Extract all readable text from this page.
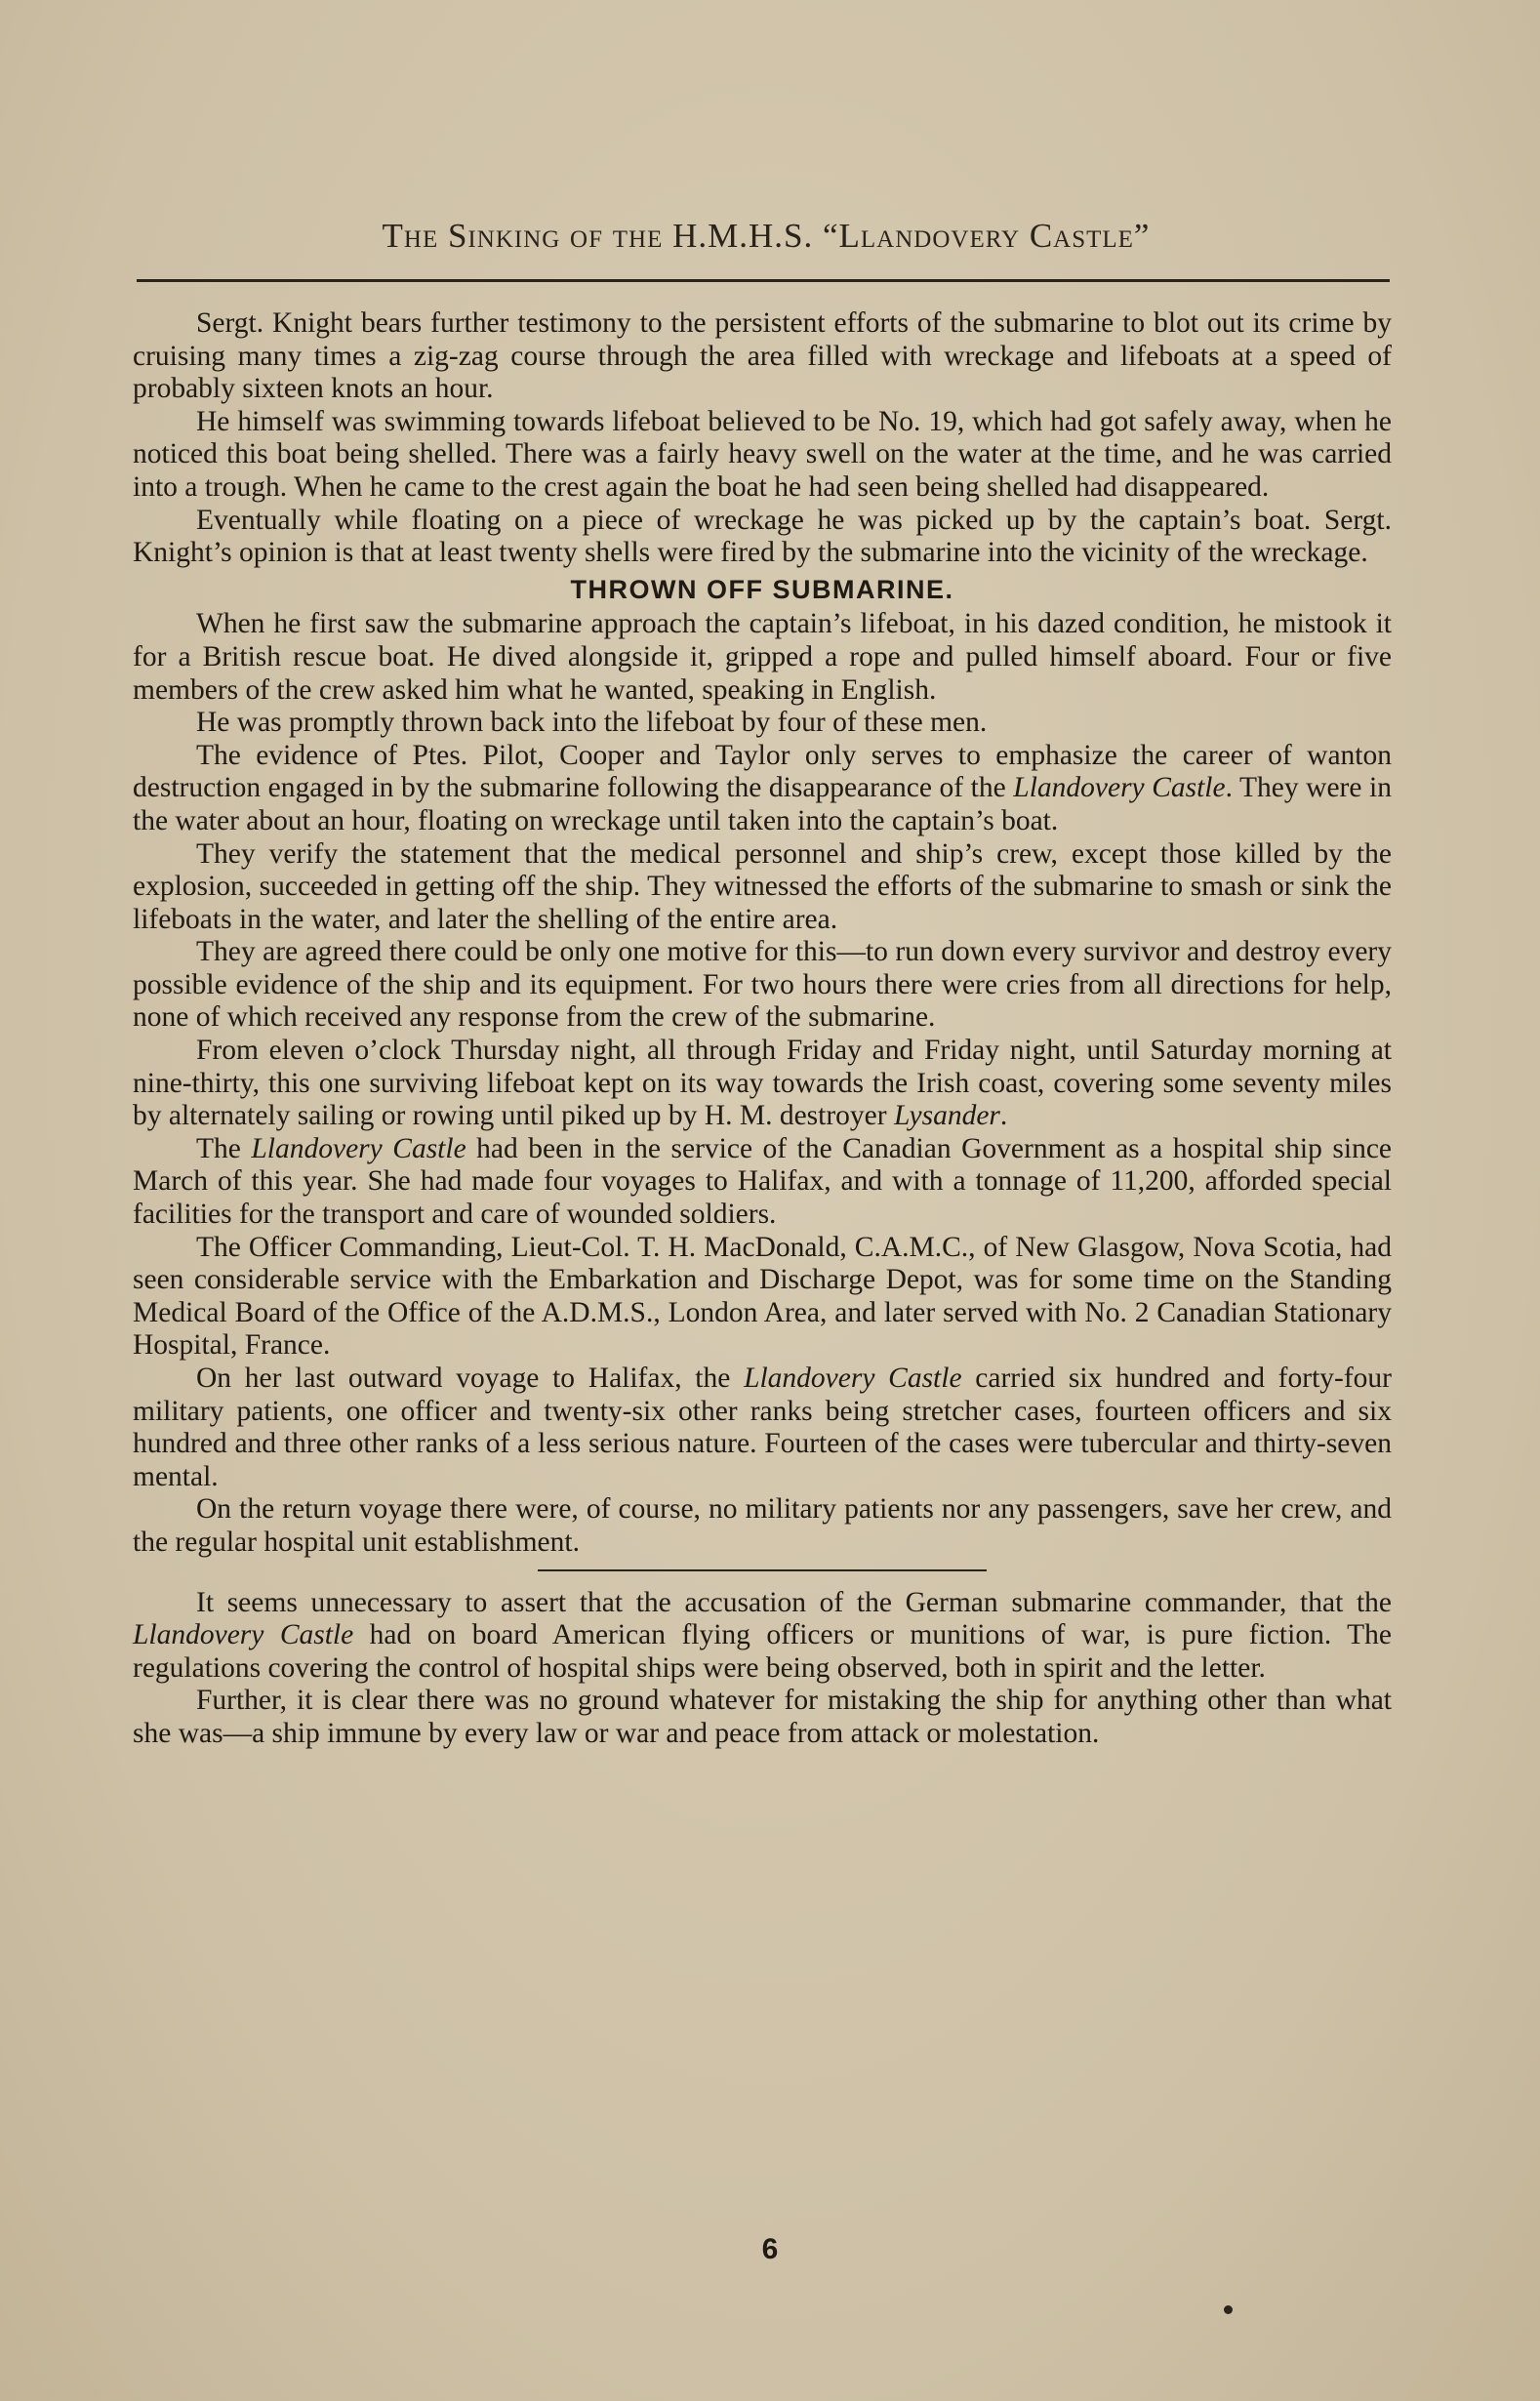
The Sinking of the H.M.H.S. “Llandovery Castle”

Sergt. Knight bears further testimony to the persistent efforts of the submarine to blot out its crime by cruising many times a zig-zag course through the area filled with wreckage and lifeboats at a speed of probably sixteen knots an hour.

He himself was swimming towards lifeboat believed to be No. 19, which had got safely away, when he noticed this boat being shelled. There was a fairly heavy swell on the water at the time, and he was carried into a trough. When he came to the crest again the boat he had seen being shelled had disappeared.

Eventually while floating on a piece of wreckage he was picked up by the captain’s boat. Sergt. Knight’s opinion is that at least twenty shells were fired by the submarine into the vicinity of the wreckage.

THROWN OFF SUBMARINE.

When he first saw the submarine approach the captain’s lifeboat, in his dazed condition, he mistook it for a British rescue boat. He dived alongside it, gripped a rope and pulled himself aboard. Four or five members of the crew asked him what he wanted, speaking in English.

He was promptly thrown back into the lifeboat by four of these men.

The evidence of Ptes. Pilot, Cooper and Taylor only serves to emphasize the career of wanton destruction engaged in by the submarine following the disappearance of the Llandovery Castle. They were in the water about an hour, floating on wreckage until taken into the captain’s boat.

They verify the statement that the medical personnel and ship’s crew, except those killed by the explosion, succeeded in getting off the ship. They witnessed the efforts of the submarine to smash or sink the lifeboats in the water, and later the shelling of the entire area.

They are agreed there could be only one motive for this—to run down every survivor and destroy every possible evidence of the ship and its equipment. For two hours there were cries from all directions for help, none of which received any response from the crew of the submarine.

From eleven o’clock Thursday night, all through Friday and Friday night, until Saturday morning at nine-thirty, this one surviving lifeboat kept on its way towards the Irish coast, covering some seventy miles by alternately sailing or rowing until piked up by H. M. destroyer Lysander.

The Llandovery Castle had been in the service of the Canadian Government as a hospital ship since March of this year. She had made four voyages to Halifax, and with a tonnage of 11,200, afforded special facilities for the transport and care of wounded soldiers.

The Officer Commanding, Lieut-Col. T. H. MacDonald, C.A.M.C., of New Glasgow, Nova Scotia, had seen considerable service with the Embarkation and Discharge Depot, was for some time on the Standing Medical Board of the Office of the A.D.M.S., London Area, and later served with No. 2 Canadian Stationary Hospital, France.

On her last outward voyage to Halifax, the Llandovery Castle carried six hundred and forty-four military patients, one officer and twenty-six other ranks being stretcher cases, fourteen officers and six hundred and three other ranks of a less serious nature. Fourteen of the cases were tubercular and thirty-seven mental.

On the return voyage there were, of course, no military patients nor any passengers, save her crew, and the regular hospital unit establishment.

It seems unnecessary to assert that the accusation of the German submarine commander, that the Llandovery Castle had on board American flying officers or munitions of war, is pure fiction. The regulations covering the control of hospital ships were being observed, both in spirit and the letter.

Further, it is clear there was no ground whatever for mistaking the ship for anything other than what she was—a ship immune by every law or war and peace from attack or molestation.

6
